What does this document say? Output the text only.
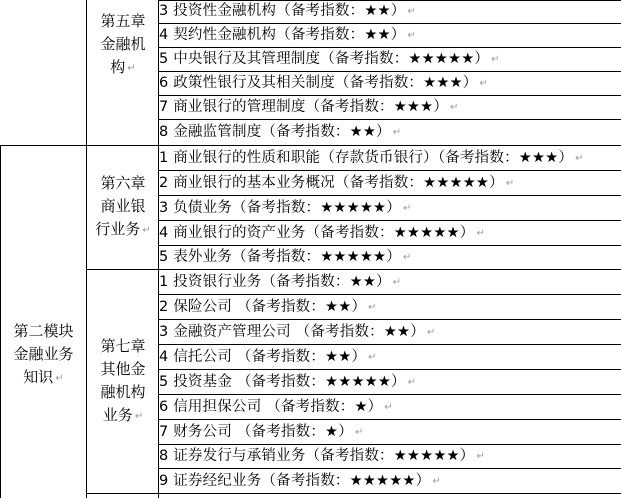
第五章
金融机
构 ↵
第六章
商业银
行业务 ↵
第七章
其他金
融机构
业务 ↵
第二模块
金融业务
知识 ↵
3 投资性金融机构（备考指数：★★） ↵
4 契约性金融机构（备考指数：★★） ↵
5 中央银行及其管理制度（备考指数：★★★★★） ↵
6 政策性银行及其相关制度（备考指数：★★★） ↵
7 商业银行的管理制度（备考指数：★★★） ↵
8 金融监管制度（备考指数：★★） ↵
1 商业银行的性质和职能（存款货币银行）（备考指数：★★★） ↵
2 商业银行的基本业务概况（备考指数：★★★★★） ↵
3 负债业务（备考指数：★★★★★） ↵
4 商业银行的资产业务（备考指数：★★★★★） ↵
5 表外业务（备考指数：★★★★★） ↵
1 投资银行业务（备考指数：★★） ↵
2 保险公司 （备考指数：★★） ↵
3 金融资产管理公司 （备考指数：★★） ↵
4 信托公司 （备考指数：★★） ↵
5 投资基金 （备考指数：★★★★★） ↵
6 信用担保公司 （备考指数：★） ↵
7 财务公司 （备考指数：★） ↵
8 证券发行与承销业务（备考指数：★★★★★） ↵
9 证券经纪业务（备考指数：★★★★★） ↵
